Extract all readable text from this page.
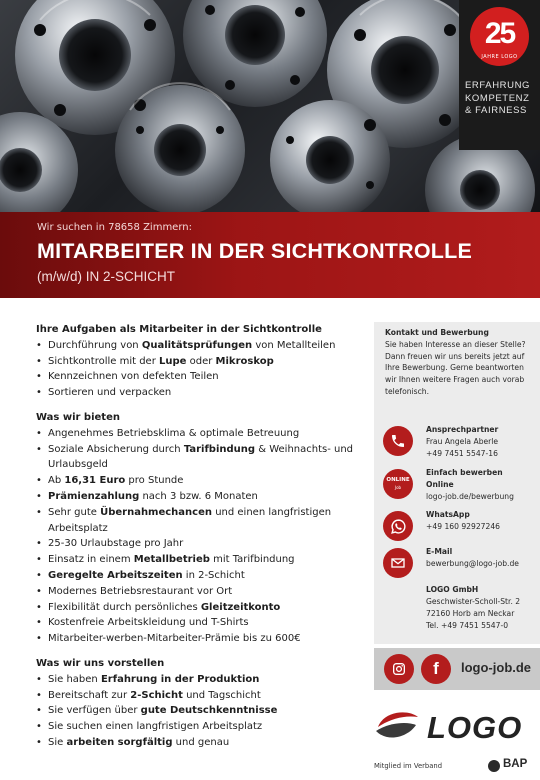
25
JAHRE LOGO
ERFAHRUNG
KOMPETENZ
& FAIRNESS
Wir suchen in 78658 Zimmern:
MITARBEITER IN DER SICHTKONTROLLE
(m/w/d) IN 2-SCHICHT
Ihre Aufgaben als Mitarbeiter in der Sichtkontrolle
• Durchführung von Qualitätsprüfungen von Metallteilen
• Sichtkontrolle mit der Lupe oder Mikroskop
• Kennzeichnen von defekten Teilen
• Sortieren und verpacken
Was wir bieten
• Angenehmes Betriebsklima & optimale Betreuung
• Soziale Absicherung durch Tarifbindung & Weihnachts- und Urlaubsgeld
• Ab 16,31 Euro pro Stunde
• Prämienzahlung nach 3 bzw. 6 Monaten
• Sehr gute Übernahmechancen und einen langfristigen Arbeitsplatz
• 25-30 Urlaubstage pro Jahr
• Einsatz in einem Metallbetrieb mit Tarifbindung
• Geregelte Arbeitszeiten in 2-Schicht
• Modernes Betriebsrestaurant vor Ort
• Flexibilität durch persönliches Gleitzeitkonto
• Kostenfreie Arbeitskleidung und T-Shirts
• Mitarbeiter-werben-Mitarbeiter-Prämie bis zu 600€
Was wir uns vorstellen
• Sie haben Erfahrung in der Produktion
• Bereitschaft zur 2-Schicht und Tagschicht
• Sie verfügen über gute Deutschkenntnisse
• Sie suchen einen langfristigen Arbeitsplatz
• Sie arbeiten sorgfältig und genau
Kontakt und Bewerbung
Sie haben Interesse an dieser Stelle? Dann freuen wir uns bereits jetzt auf Ihre Bewerbung. Gerne beantworten wir Ihnen weitere Fragen auch vorab telefonisch.
Ansprechpartner
Frau Angela Aberle
+49 7451 5547-16
ONLINE
Job
Einfach bewerben
Online
logo-job.de/bewerbung
WhatsApp
+49 160 92927246
E-Mail
bewerbung@logo-job.de
LOGO GmbH
Geschwister-Scholl-Str. 2
72160 Horb am Neckar
Tel. +49 7451 5547-0
f logo-job.de
LOGO
Mitglied im Verband	BAP
